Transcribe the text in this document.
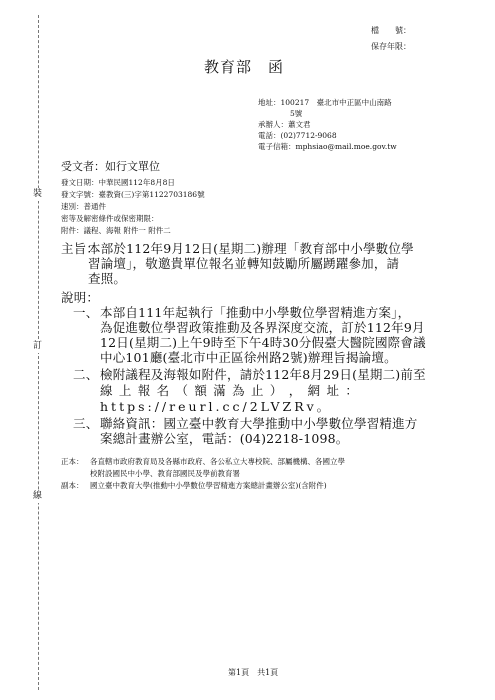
裝
訂
線
檔　　號：
保存年限：
教育部　函
地址：100217　臺北市中正區中山南路
5號
承辦人：蕭文君
電話：(02)7712-9068
電子信箱：mphsiao@mail.moe.gov.tw
受文者：如行文單位
發文日期：中華民國112年8月8日
發文字號：臺教資(三)字第1122703186號
速別：普通件
密等及解密條件或保密期限：
附件：議程、海報 附件一 附件二
主旨：
本部於112年9月12日(星期二)辦理「教育部中小學數位學
習論壇」，敬邀貴單位報名並轉知鼓勵所屬踴躍參加，請
查照。
說明：
一、 本部自111年起執行「推動中小學數位學習精進方案」，
為促進數位學習政策推動及各界深度交流，訂於112年9月
12日(星期二)上午9時至下午4時30分假臺大醫院國際會議
中心101廳(臺北市中正區徐州路2號)辦理旨揭論壇。
二、 檢附議程及海報如附件，請於112年8月29日(星期二)前至
線 上 報 名 （ 額 滿 為 止 ） ， 網 址 ：
https://reurl.cc/2LVZRv。
三、 聯絡資訊：國立臺中教育大學推動中小學數位學習精進方
案總計畫辦公室，電話：(04)2218-1098。
正本： 各直轄市政府教育局及各縣市政府、各公私立大專校院、部屬機構、各國立學
校附設國民中小學、教育部國民及學前教育署
副本： 國立臺中教育大學(推動中小學數位學習精進方案總計畫辦公室)(含附件)
第1頁　共1頁
